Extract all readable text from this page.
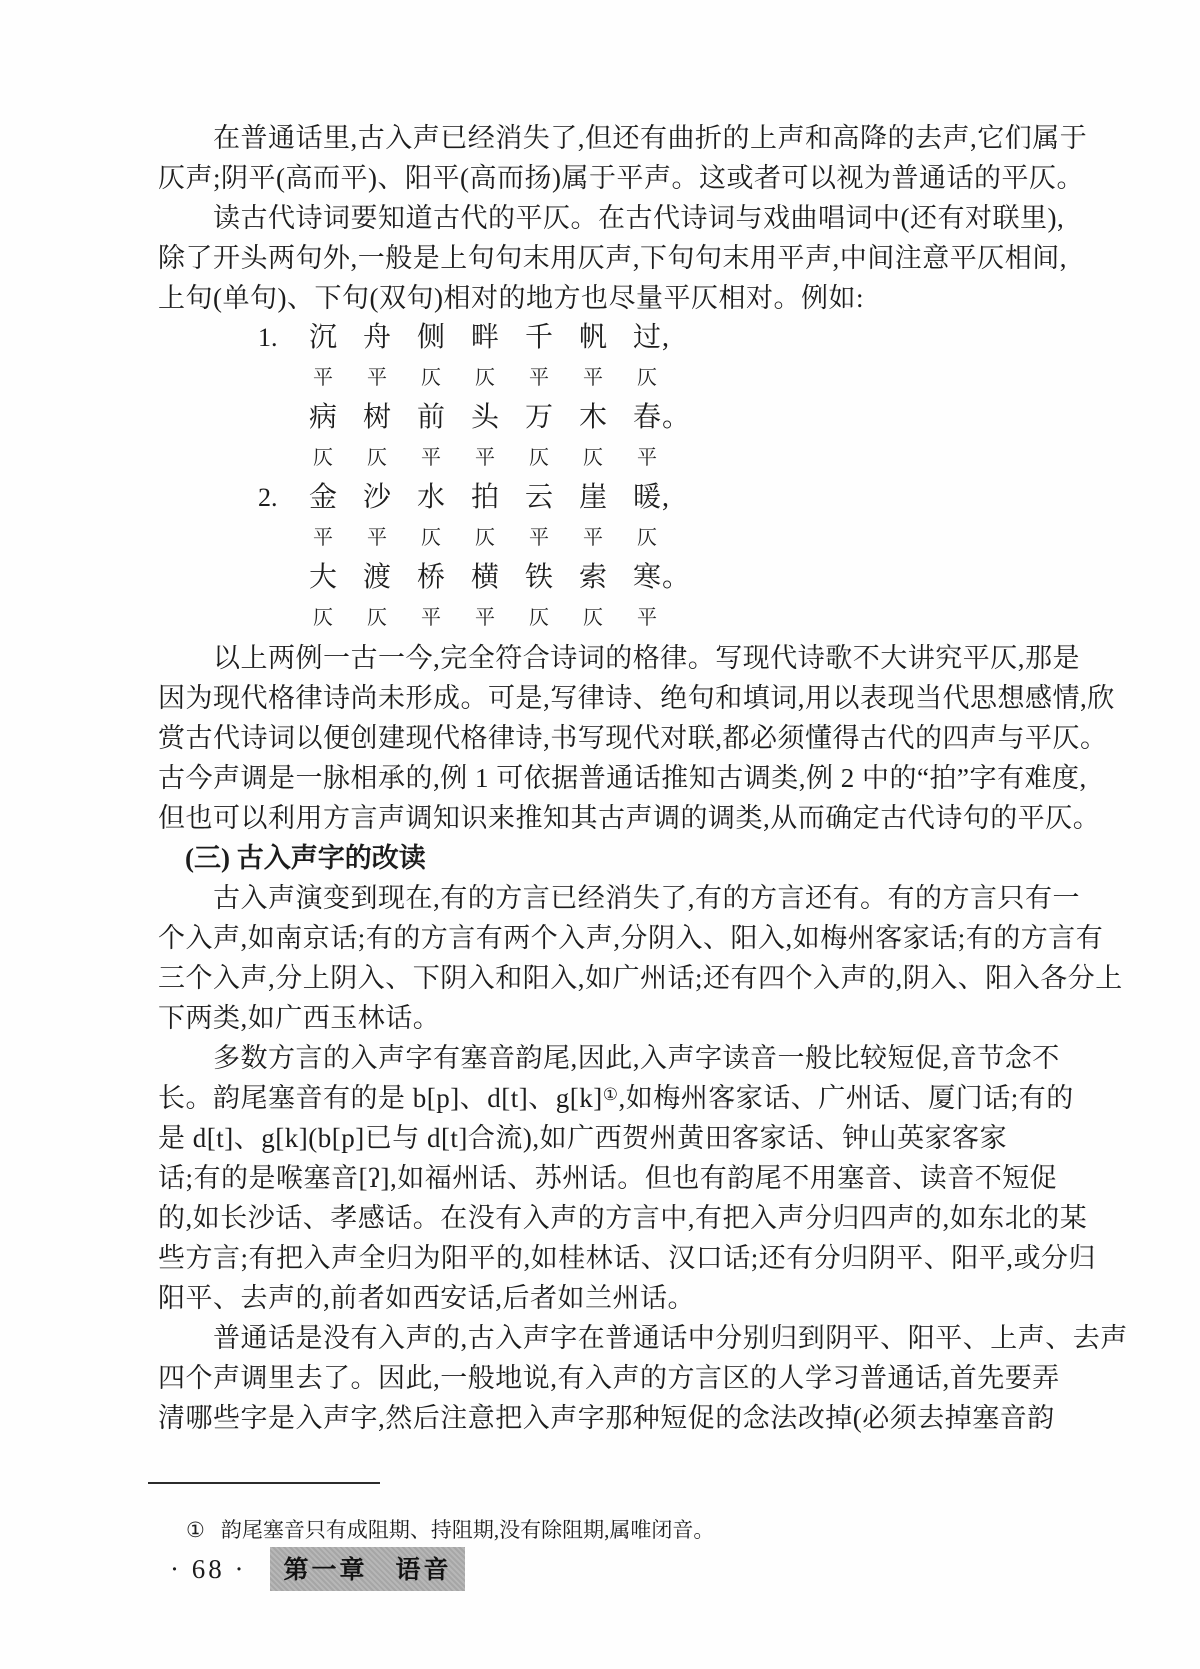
在普通话里,古入声已经消失了,但还有曲折的上声和高降的去声,它们属于
仄声;阴平(高而平)、阳平(高而扬)属于平声。这或者可以视为普通话的平仄。
读古代诗词要知道古代的平仄。在古代诗词与戏曲唱词中(还有对联里),
除了开头两句外,一般是上句句末用仄声,下句句末用平声,中间注意平仄相间,
上句(单句)、下句(双句)相对的地方也尽量平仄相对。例如:
1.	沉 舟 侧 畔 千 帆 过 ,
平	平	仄	仄	平	平	仄
病 树 前 头 万 木 春 。
仄	仄	平	平	仄	仄	平
2.	金 沙 水 拍 云 崖 暖 ,
平	平	仄	仄	平	平	仄
大 渡 桥 横 铁 索 寒 。
仄	仄	平	平	仄	仄	平
以上两例一古一今,完全符合诗词的格律。写现代诗歌不大讲究平仄,那是
因为现代格律诗尚未形成。可是,写律诗、绝句和填词,用以表现当代思想感情,欣
赏古代诗词以便创建现代格律诗,书写现代对联,都必须懂得古代的四声与平仄。
古今声调是一脉相承的,例 1 可依据普通话推知古调类,例 2 中的“拍”字有难度,
但也可以利用方言声调知识来推知其古声调的调类,从而确定古代诗句的平仄。
(三) 古入声字的改读
古入声演变到现在,有的方言已经消失了,有的方言还有。有的方言只有一
个入声,如南京话;有的方言有两个入声,分阴入、阳入,如梅州客家话;有的方言有
三个入声,分上阴入、下阴入和阳入,如广州话;还有四个入声的,阴入、阳入各分上
下两类,如广西玉林话。
多数方言的入声字有塞音韵尾,因此,入声字读音一般比较短促,音节念不
长。韵尾塞音有的是 b[p]、d[t]、g[k]①,如梅州客家话、广州话、厦门话;有的
是 d[t]、g[k](b[p]已与 d[t]合流),如广西贺州黄田客家话、钟山英家客家
话;有的是喉塞音[ʔ],如福州话、苏州话。但也有韵尾不用塞音、读音不短促
的,如长沙话、孝感话。在没有入声的方言中,有把入声分归四声的,如东北的某
些方言;有把入声全归为阳平的,如桂林话、汉口话;还有分归阴平、阳平,或分归
阳平、去声的,前者如西安话,后者如兰州话。
普通话是没有入声的,古入声字在普通话中分别归到阴平、阳平、上声、去声
四个声调里去了。因此,一般地说,有入声的方言区的人学习普通话,首先要弄
清哪些字是入声字,然后注意把入声字那种短促的念法改掉(必须去掉塞音韵
① 韵尾塞音只有成阻期、持阻期,没有除阻期,属唯闭音。
· 68 ·	第一章　语音
